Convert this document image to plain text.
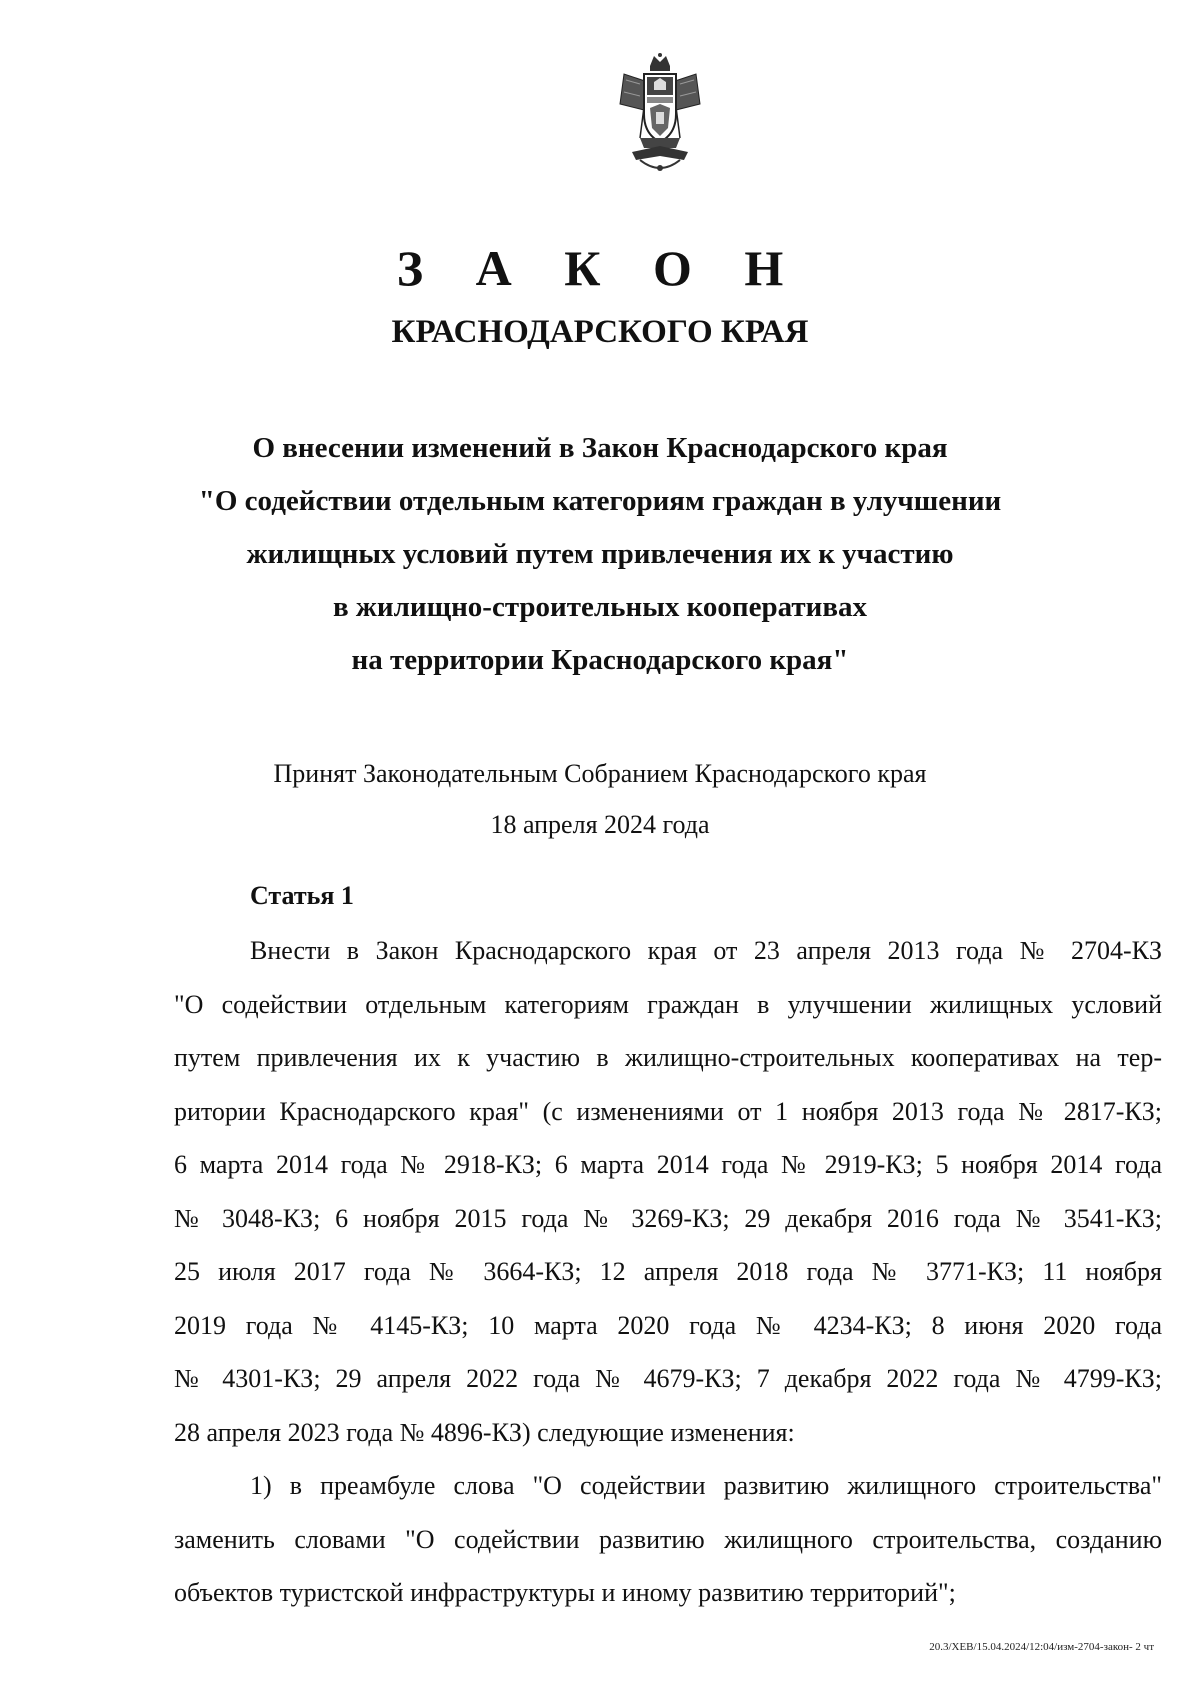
З А К О Н
КРАСНОДАРСКОГО КРАЯ
О внесении изменений в Закон Краснодарского края
"О содействии отдельным категориям граждан в улучшении
жилищных условий путем привлечения их к участию
в жилищно-строительных кооперативах
на территории Краснодарского края"
Принят Законодательным Собранием Краснодарского края
18 апреля 2024 года
Статья 1
Внести в Закон Краснодарского края от 23 апреля 2013 года № 2704-КЗ
"О содействии отдельным категориям граждан в улучшении жилищных условий
путем привлечения их к участию в жилищно-строительных кооперативах на тер-
ритории Краснодарского края" (с изменениями от 1 ноября 2013 года № 2817-КЗ;
6 марта 2014 года № 2918-КЗ; 6 марта 2014 года № 2919-КЗ; 5 ноября 2014 года
№ 3048-КЗ; 6 ноября 2015 года № 3269-КЗ; 29 декабря 2016 года № 3541-КЗ;
25 июля 2017 года № 3664-КЗ; 12 апреля 2018 года № 3771-КЗ; 11 ноября
2019 года № 4145-КЗ; 10 марта 2020 года № 4234-КЗ; 8 июня 2020 года
№ 4301-КЗ; 29 апреля 2022 года № 4679-КЗ; 7 декабря 2022 года № 4799-КЗ;
28 апреля 2023 года № 4896-КЗ) следующие изменения:
1) в преамбуле слова "О содействии развитию жилищного строительства"
заменить словами "О содействии развитию жилищного строительства, созданию
объектов туристской инфраструктуры и иному развитию территорий";
20.3/ХЕВ/15.04.2024/12:04/изм-2704-закон- 2 чт
